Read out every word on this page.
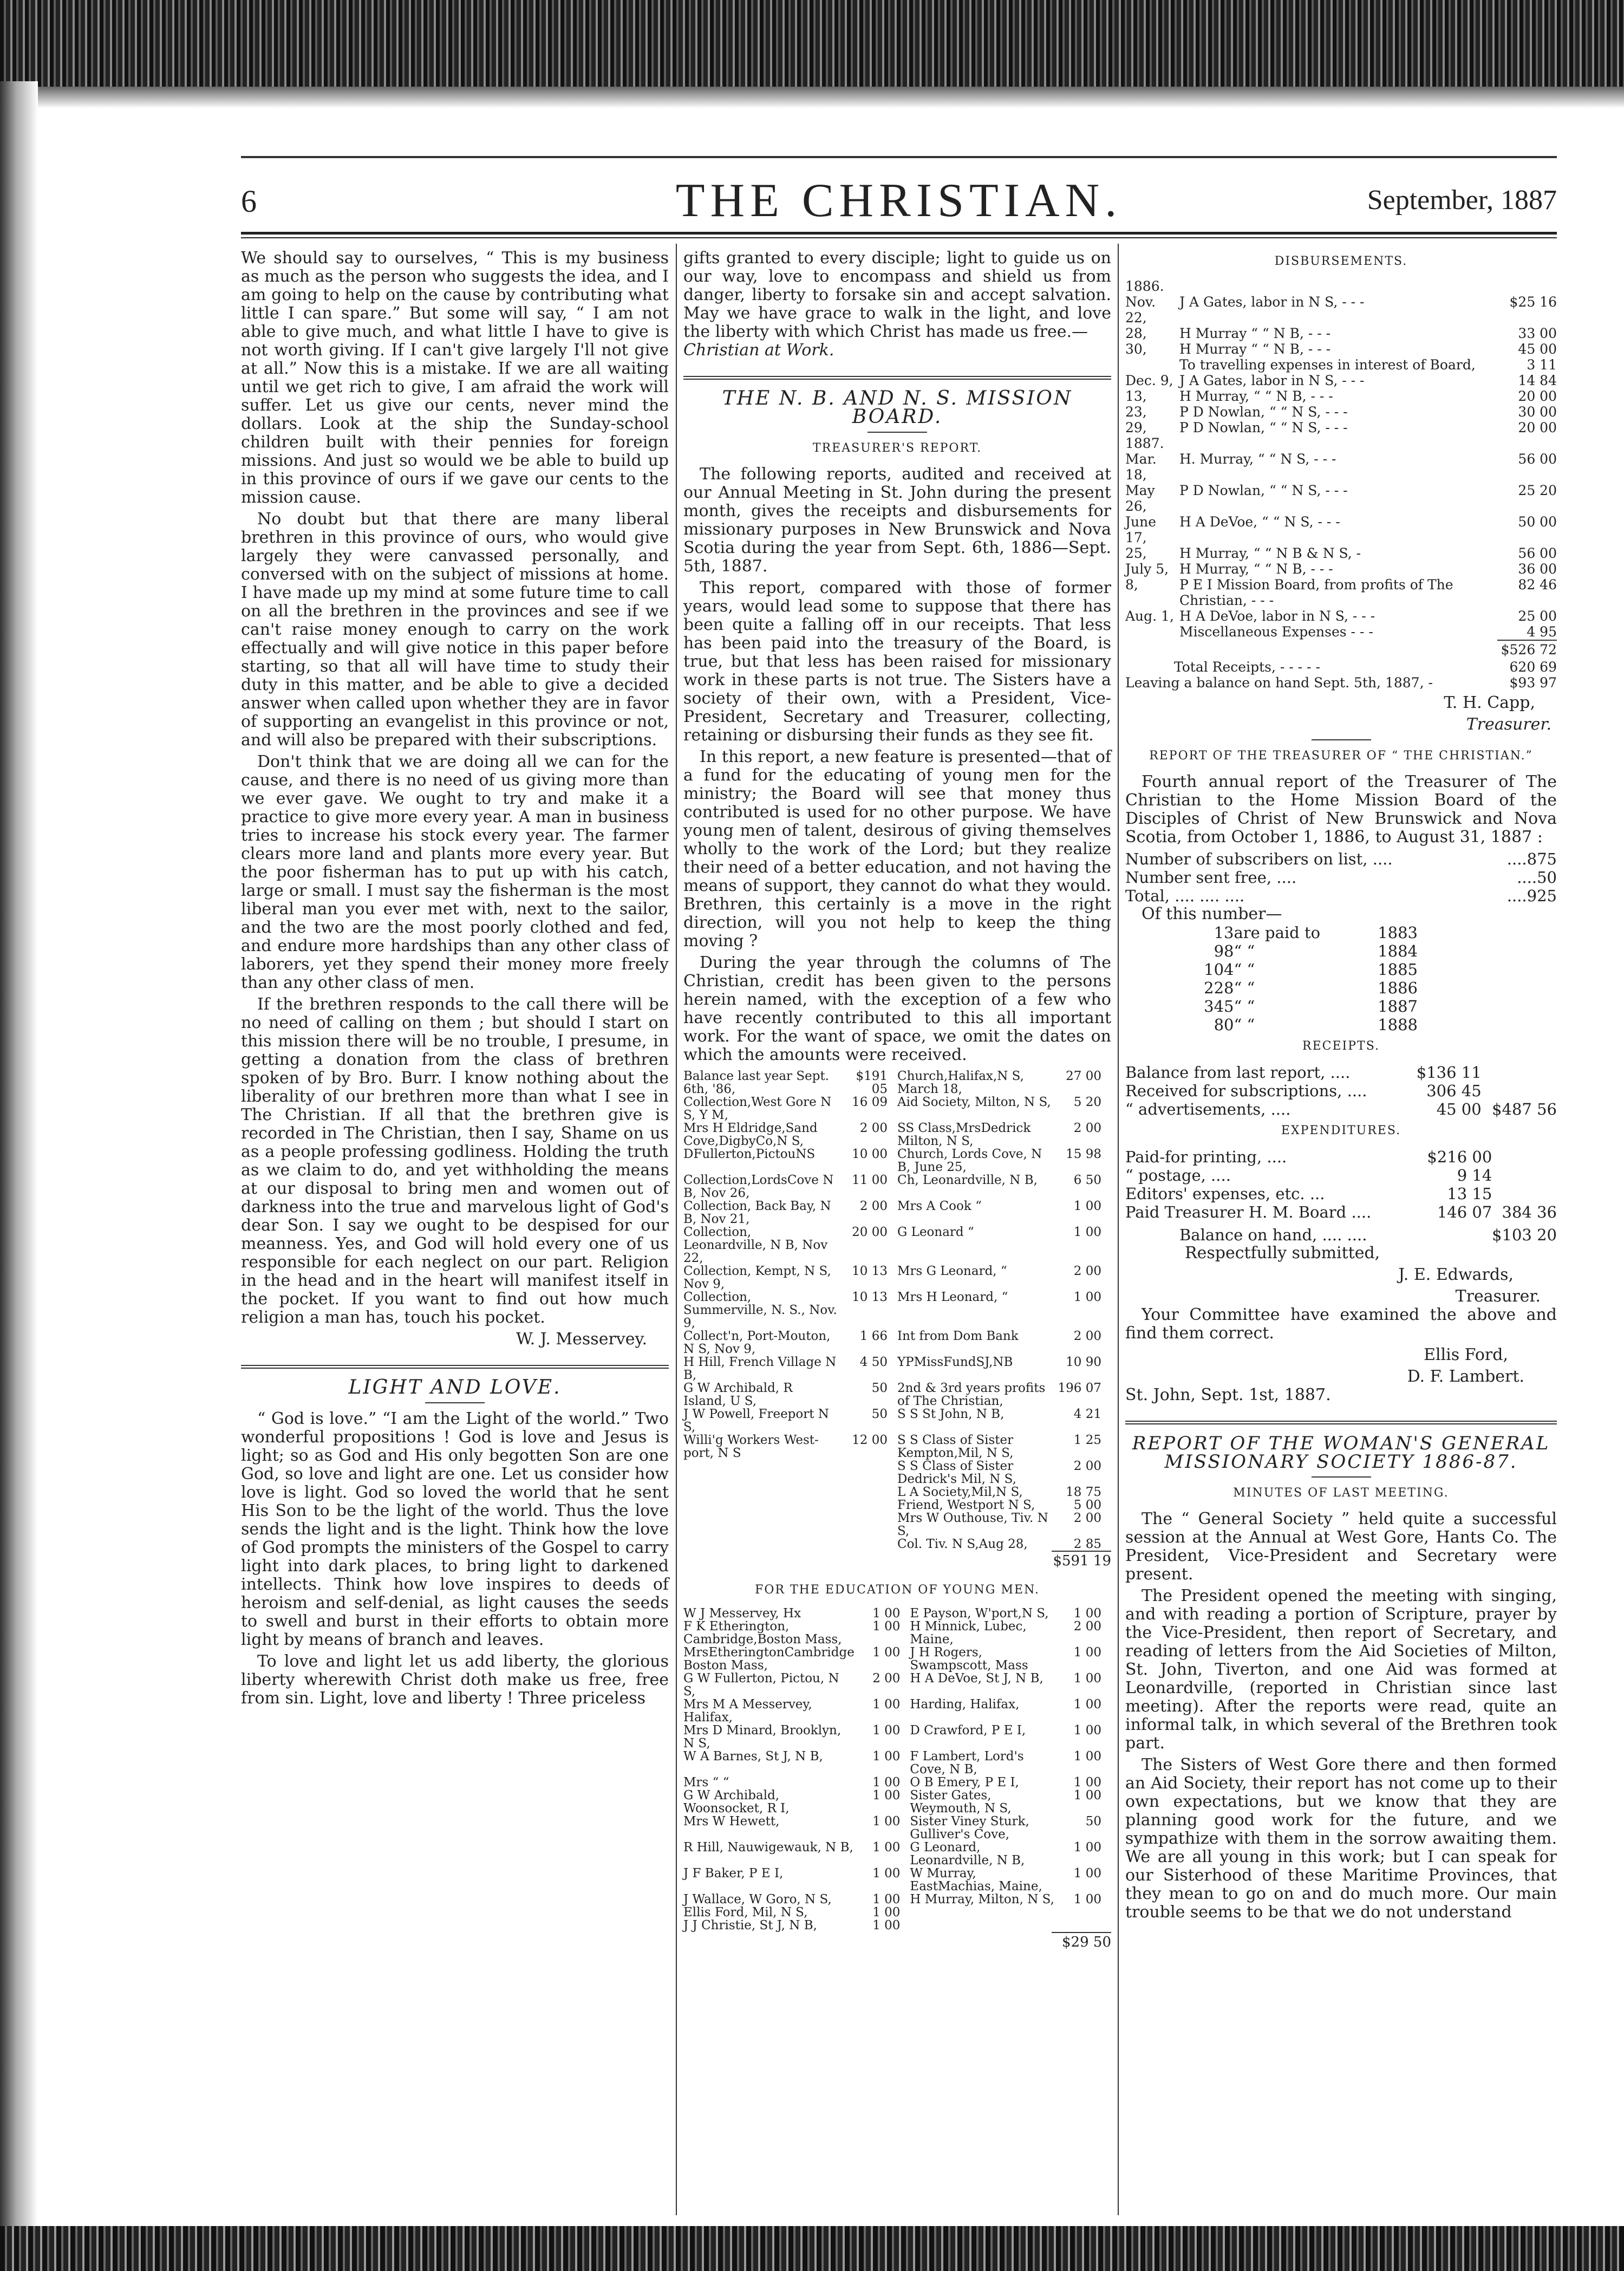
6	THE CHRISTIAN.	September, 1887

We should say to ourselves, “ This is my business as much as the person who suggests the idea, and I am going to help on the cause by contributing what little I can spare.” But some will say, “ I am not able to give much, and what little I have to give is not worth giving. If I can't give largely I'll not give at all.” Now this is a mistake. If we are all waiting until we get rich to give, I am afraid the work will suffer. Let us give our cents, never mind the dollars. Look at the ship the Sunday-school children built with their pennies for foreign missions. And just so would we be able to build up in this province of ours if we gave our cents to the mission cause.

No doubt but that there are many liberal brethren in this province of ours, who would give largely they were canvassed personally, and conversed with on the subject of missions at home. I have made up my mind at some future time to call on all the brethren in the provinces and see if we can't raise money enough to carry on the work effectually and will give notice in this paper before starting, so that all will have time to study their duty in this matter, and be able to give a decided answer when called upon whether they are in favor of supporting an evangelist in this province or not, and will also be prepared with their subscriptions.

Don't think that we are doing all we can for the cause, and there is no need of us giving more than we ever gave. We ought to try and make it a practice to give more every year. A man in business tries to increase his stock every year. The farmer clears more land and plants more every year. But the poor fisherman has to put up with his catch, large or small. I must say the fisherman is the most liberal man you ever met with, next to the sailor, and the two are the most poorly clothed and fed, and endure more hardships than any other class of laborers, yet they spend their money more freely than any other class of men.

If the brethren responds to the call there will be no need of calling on them ; but should I start on this mission there will be no trouble, I presume, in getting a donation from the class of brethren spoken of by Bro. Burr. I know nothing about the liberality of our brethren more than what I see in The Christian. If all that the brethren give is recorded in The Christian, then I say, Shame on us as a people professing godliness. Holding the truth as we claim to do, and yet withholding the means at our disposal to bring men and women out of darkness into the true and marvelous light of God's dear Son. I say we ought to be despised for our meanness. Yes, and God will hold every one of us responsible for each neglect on our part. Religion in the head and in the heart will manifest itself in the pocket. If you want to find out how much religion a man has, touch his pocket.

W. J. Messervey.
LIGHT AND LOVE.

“ God is love.” “I am the Light of the world.” Two wonderful propositions ! God is love and Jesus is light; so as God and His only begotten Son are one God, so love and light are one. Let us consider how love is light. God so loved the world that he sent His Son to be the light of the world. Thus the love sends the light and is the light. Think how the love of God prompts the ministers of the Gospel to carry light into dark places, to bring light to darkened intellects. Think how love inspires to deeds of heroism and self-denial, as light causes the seeds to swell and burst in their efforts to obtain more light by means of branch and leaves.

To love and light let us add liberty, the glorious liberty wherewith Christ doth make us free, free from sin. Light, love and liberty ! Three priceless

gifts granted to every disciple; light to guide us on our way, love to encompass and shield us from danger, liberty to forsake sin and accept salvation. May we have grace to walk in the light, and love the liberty with which Christ has made us free.—

Christian at Work.
THE N. B. AND N. S. MISSION BOARD.
TREASURER'S REPORT.

The following reports, audited and received at our Annual Meeting in St. John during the present month, gives the receipts and disbursements for missionary purposes in New Brunswick and Nova Scotia during the year from Sept. 6th, 1886—Sept. 5th, 1887.

This report, compared with those of former years, would lead some to suppose that there has been quite a falling off in our receipts. That less has been paid into the treasury of the Board, is true, but that less has been raised for missionary work in these parts is not true. The Sisters have a society of their own, with a President, Vice-President, Secretary and Treasurer, collecting, retaining or disbursing their funds as they see fit.

In this report, a new feature is presented—that of a fund for the educating of young men for the ministry; the Board will see that money thus contributed is used for no other purpose. We have young men of talent, desirous of giving themselves wholly to the work of the Lord; but they realize their need of a better education, and not having the means of support, they cannot do what they would. Brethren, this certainly is a move in the right direction, will you not help to keep the thing moving ?

During the year through the columns of The Christian, credit has been given to the persons herein named, with the exception of a few who have recently contributed to this all important work. For the want of space, we omit the dates on which the amounts were received.

Balance last year Sept. 6th, '86,	$191 05	Church,Halifax,N S, March 18,	27 00
Collection,West Gore N S, Y M,	16 09	Aid Society, Milton, N S,	5 20
Mrs H Eldridge,Sand Cove,DigbyCo,N S,	2 00	SS Class,MrsDedrick Milton, N S,	2 00
DFullerton,PictouNS	10 00	Church, Lords Cove, N B, June 25,	15 98
Collection,LordsCove N B, Nov 26,	11 00	Ch, Leonardville, N B,	6 50
Collection, Back Bay, N B, Nov 21,	2 00	Mrs A Cook “	1 00
Collection, Leonardville, N B, Nov 22,	20 00	G Leonard “	1 00
Collection, Kempt, N S, Nov 9,	10 13	Mrs G Leonard, “	2 00
Collection, Summerville, N. S., Nov. 9,	10 13	Mrs H Leonard, “	1 00
Collect'n, Port-Mouton, N S, Nov 9,	1 66	Int from Dom Bank	2 00
H Hill, French Village N B,	4 50	YPMissFundSJ,NB	10 90
G W Archibald, R Island, U S,	50	2nd & 3rd years profits of The Christian,	196 07
J W Powell, Freeport N S,	50	S S St John, N B,	4 21
Willi'g Workers West-port, N S	12 00	S S Class of Sister Kempton,Mil, N S,	1 25
		S S Class of Sister Dedrick's Mil, N S,	2 00
		L A Society,Mil,N S,	18 75
		Friend, Westport N S,	5 00
		Mrs W Outhouse, Tiv. N S,	2 00
		Col. Tiv. N S,Aug 28,	2 85
$591 19
FOR THE EDUCATION OF YOUNG MEN.
W J Messervey, Hx	1 00	E Payson, W'port,N S,	1 00
F K Etherington, Cambridge,Boston Mass,	1 00	H Minnick, Lubec, Maine,	2 00
MrsEtheringtonCambridge Boston Mass,	1 00	J H Rogers, Swampscott, Mass	1 00
G W Fullerton, Pictou, N S,	2 00	H A DeVoe, St J, N B,	1 00
Mrs M A Messervey, Halifax,	1 00	Harding, Halifax,	1 00
Mrs D Minard, Brooklyn, N S,	1 00	D Crawford, P E I,	1 00
W A Barnes, St J, N B,	1 00	F Lambert, Lord's Cove, N B,	1 00
Mrs “ “	1 00	O B Emery, P E I,	1 00
G W Archibald, Woonsocket, R I,	1 00	Sister Gates, Weymouth, N S,	1 00
Mrs W Hewett,	1 00	Sister Viney Sturk, Gulliver's Cove,	50
R Hill, Nauwigewauk, N B,	1 00	G Leonard, Leonardville, N B,	1 00
J F Baker, P E I,	1 00	W Murray, EastMachias, Maine,	1 00
J Wallace, W Goro, N S,	1 00	H Murray, Milton, N S,	1 00
Ellis Ford, Mil, N S,	1 00		
J J Christie, St J, N B,	1 00		
$29 50
DISBURSEMENTS.
1886.		
Nov. 22,	J A Gates, labor in N S, - - -	$25 16
28,	H Murray “ “ N B, - - -	33 00
30,	H Murray “ “ N B, - - -	45 00
	To travelling expenses in interest of Board,	3 11
Dec. 9,	J A Gates, labor in N S, - - -	14 84
13,	H Murray, “ “ N B, - - -	20 00
23,	P D Nowlan, “ “ N S, - - -	30 00
29,	P D Nowlan, “ “ N S, - - -	20 00
1887.		
Mar. 18,	H. Murray, “ “ N S, - - -	56 00
May 26,	P D Nowlan, “ “ N S, - - -	25 20
June 17,	H A DeVoe, “ “ N S, - - -	50 00
25,	H Murray, “ “ N B & N S, -	56 00
July 5,	H Murray, “ “ N B, - - -	36 00
8,	P E I Mission Board, from profits of The Christian, - - -	82 46
Aug. 1,	H A DeVoe, labor in N S, - - -	25 00
	Miscellaneous Expenses - - -	4 95
$526 72
Total Receipts, - - - - -	620 69
Leaving a balance on hand Sept. 5th, 1887, -	$93 97
T. H. Capp,
Treasurer.
REPORT OF THE TREASURER OF “ THE CHRISTIAN.”

Fourth annual report of the Treasurer of The Christian to the Home Mission Board of the Disciples of Christ of New Brunswick and Nova Scotia, from October 1, 1886, to August 31, 1887 :

Number of subscribers on list, ....	....875
Number sent free, ....	....50
Total, .... .... ....	....925
Of this number—
13	are paid to	1883
98	“ “	1884
104	“ “	1885
228	“ “	1886
345	“ “	1887
80	“ “	1888
RECEIPTS.
Balance from last report, ....	$136 11	
Received for subscriptions, ....	306 45	
“ advertisements, ....	45 00	$487 56
EXPENDITURES.
Paid-for printing, ....	$216 00	
“ postage, ....	9 14	
Editors' expenses, etc. ...	13 15	
Paid Treasurer H. M. Board ....	146 07	384 36
Balance on hand, .... ....	$103 20
Respectfully submitted,
J. E. Edwards,
Treasurer.

Your Committee have examined the above and find them correct.

Ellis Ford,
D. F. Lambert.
St. John, Sept. 1st, 1887.
REPORT OF THE WOMAN'S GENERAL MISSIONARY SOCIETY 1886-87.
MINUTES OF LAST MEETING.

The “ General Society ” held quite a successful session at the Annual at West Gore, Hants Co. The President, Vice-President and Secretary were present.

The President opened the meeting with singing, and with reading a portion of Scripture, prayer by the Vice-President, then report of Secretary, and reading of letters from the Aid Societies of Milton, St. John, Tiverton, and one Aid was formed at Leonardville, (reported in Christian since last meeting). After the reports were read, quite an informal talk, in which several of the Brethren took part.

The Sisters of West Gore there and then formed an Aid Society, their report has not come up to their own expectations, but we know that they are planning good work for the future, and we sympathize with them in the sorrow awaiting them. We are all young in this work; but I can speak for our Sisterhood of these Maritime Provinces, that they mean to go on and do much more. Our main trouble seems to be that we do not understand
